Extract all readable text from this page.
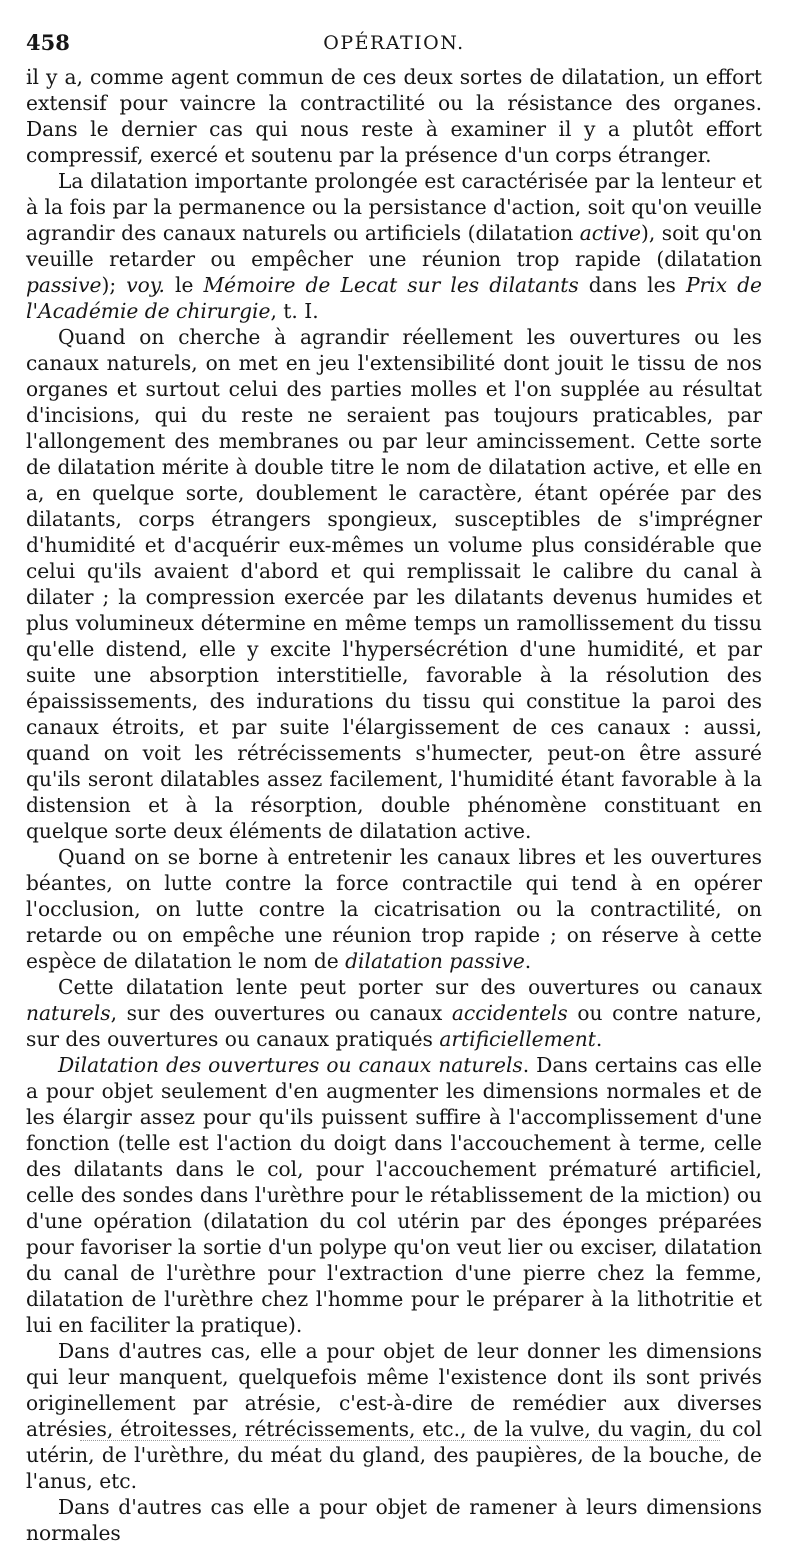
458	OPÉRATION.

il y a, comme agent commun de ces deux sortes de dilatation, un effort extensif pour vaincre la contractilité ou la résistance des organes. Dans le dernier cas qui nous reste à examiner il y a plutôt effort compressif, exercé et soutenu par la présence d'un corps étranger.

La dilatation importante prolongée est caractérisée par la lenteur et à la fois par la permanence ou la persistance d'action, soit qu'on veuille agrandir des canaux naturels ou artificiels (dilatation active), soit qu'on veuille retarder ou empêcher une réunion trop rapide (dilatation passive); voy. le Mémoire de Lecat sur les dilatants dans les Prix de l'Académie de chirurgie, t. I.

Quand on cherche à agrandir réellement les ouvertures ou les canaux naturels, on met en jeu l'extensibilité dont jouit le tissu de nos organes et surtout celui des parties molles et l'on supplée au résultat d'incisions, qui du reste ne seraient pas toujours praticables, par l'allongement des membranes ou par leur amincissement. Cette sorte de dilatation mérite à double titre le nom de dilatation active, et elle en a, en quelque sorte, doublement le caractère, étant opérée par des dilatants, corps étrangers spongieux, susceptibles de s'imprégner d'humidité et d'acquérir eux-mêmes un volume plus considérable que celui qu'ils avaient d'abord et qui remplissait le calibre du canal à dilater ; la compression exercée par les dilatants devenus humides et plus volumineux détermine en même temps un ramollissement du tissu qu'elle distend, elle y excite l'hypersécrétion d'une humidité, et par suite une absorption interstitielle, favorable à la résolution des épaississements, des indurations du tissu qui constitue la paroi des canaux étroits, et par suite l'élargissement de ces canaux : aussi, quand on voit les rétrécissements s'humecter, peut-on être assuré qu'ils seront dilatables assez facilement, l'humidité étant favorable à la distension et à la résorption, double phénomène constituant en quelque sorte deux éléments de dilatation active.

Quand on se borne à entretenir les canaux libres et les ouvertures béantes, on lutte contre la force contractile qui tend à en opérer l'occlusion, on lutte contre la cicatrisation ou la contractilité, on retarde ou on empêche une réunion trop rapide ; on réserve à cette espèce de dilatation le nom de dilatation passive.

Cette dilatation lente peut porter sur des ouvertures ou canaux naturels, sur des ouvertures ou canaux accidentels ou contre nature, sur des ouvertures ou canaux pratiqués artificiellement.

Dilatation des ouvertures ou canaux naturels. Dans certains cas elle a pour objet seulement d'en augmenter les dimensions normales et de les élargir assez pour qu'ils puissent suffire à l'accomplissement d'une fonction (telle est l'action du doigt dans l'accouchement à terme, celle des dilatants dans le col, pour l'accouchement prématuré artificiel, celle des sondes dans l'urèthre pour le rétablissement de la miction) ou d'une opération (dilatation du col utérin par des éponges préparées pour favoriser la sortie d'un polype qu'on veut lier ou exciser, dilatation du canal de l'urèthre pour l'extraction d'une pierre chez la femme, dilatation de l'urèthre chez l'homme pour le préparer à la lithotritie et lui en faciliter la pratique).

Dans d'autres cas, elle a pour objet de leur donner les dimensions qui leur manquent, quelquefois même l'existence dont ils sont privés originellement par atrésie, c'est-à-dire de remédier aux diverses atrésies, étroitesses, rétrécissements, etc., de la vulve, du vagin, du col utérin, de l'urèthre, du méat du gland, des paupières, de la bouche, de l'anus, etc.

Dans d'autres cas elle a pour objet de ramener à leurs dimensions normales
